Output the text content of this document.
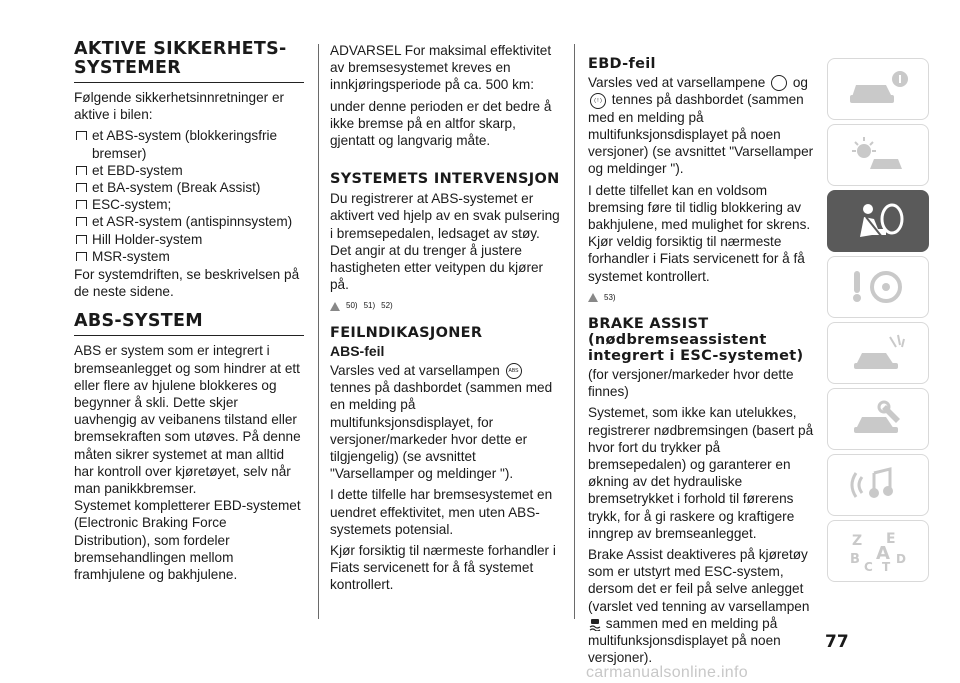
AKTIVE SIKKERHETS-SYSTEMER

Følgende sikkerhetsinnretninger er aktive i bilen:

et ABS-system (blokkeringsfrie bremser)
et EBD-system
et BA-system (Break Assist)
ESC-system;
et ASR-system (antispinnsystem)
Hill Holder-system
MSR-system

For systemdriften, se beskrivelsen på de neste sidene.

ABS-SYSTEM

ABS er system som er integrert i bremseanlegget og som hindrer at ett eller flere av hjulene blokkeres og begynner å skli. Dette skjer uavhengig av veibanens tilstand eller bremsekraften som utøves. På denne måten sikrer systemet at man alltid har kontroll over kjøretøyet, selv når man panikkbremser.

Systemet kompletterer EBD-systemet (Electronic Braking Force Distribution), som fordeler bremsehandlingen mellom framhjulene og bakhjulene.

ADVARSEL For maksimal effektivitet av bremsesystemet kreves en innkjøringsperiode på ca. 500 km:

under denne perioden er det bedre å ikke bremse på en altfor skarp, gjentatt og langvarig måte.

SYSTEMETS INTERVENSJON

Du registrerer at ABS-systemet er aktivert ved hjelp av en svak pulsering i bremsepedalen, ledsaget av støy.

Det angir at du trenger å justere hastigheten etter veitypen du kjører på.

50) 51) 52)
FEILNDIKASJONER
ABS-feil

Varsles ved at varsellampen ABS tennes på dashbordet (sammen med en melding på multifunksjonsdisplayet, for versjoner/markeder hvor dette er tilgjengelig) (se avsnittet "Varsellamper og meldinger ").

I dette tilfelle har bremsesystemet en uendret effektivitet, men uten ABS-systemets potensial.

Kjør forsiktig til nærmeste forhandler i Fiats servicenett for å få systemet kontrollert.

EBD-feil

Varsles ved at varsellampene og ( ! ) tennes på dashbordet (sammen med en melding på multifunksjonsdisplayet på noen versjoner) (se avsnittet "Varsellamper og meldinger ").

I dette tilfellet kan en voldsom bremsing føre til tidlig blokkering av bakhjulene, med mulighet for skrens. Kjør veldig forsiktig til nærmeste forhandler i Fiats servicenett for å få systemet kontrollert.

53)
BRAKE ASSIST (nødbremseassistent integrert i ESC-systemet)

(for versjoner/markeder hvor dette finnes)

Systemet, som ikke kan utelukkes, registrerer nødbremsingen (basert på hvor fort du trykker på bremsepedalen) og garanterer en økning av det hydrauliske bremsetrykket i forhold til førerens trykk, for å gi raskere og kraftigere inngrep av bremseanlegget.

Brake Assist deaktiveres på kjøretøy som er utstyrt med ESC-system, dersom det er feil på selve anlegget (varslet ved tenning av varsellampen  sammen med en melding på multifunksjonsdisplayet på noen versjoner).

Z E
B A D
C T
77
carmanualsonline.info
